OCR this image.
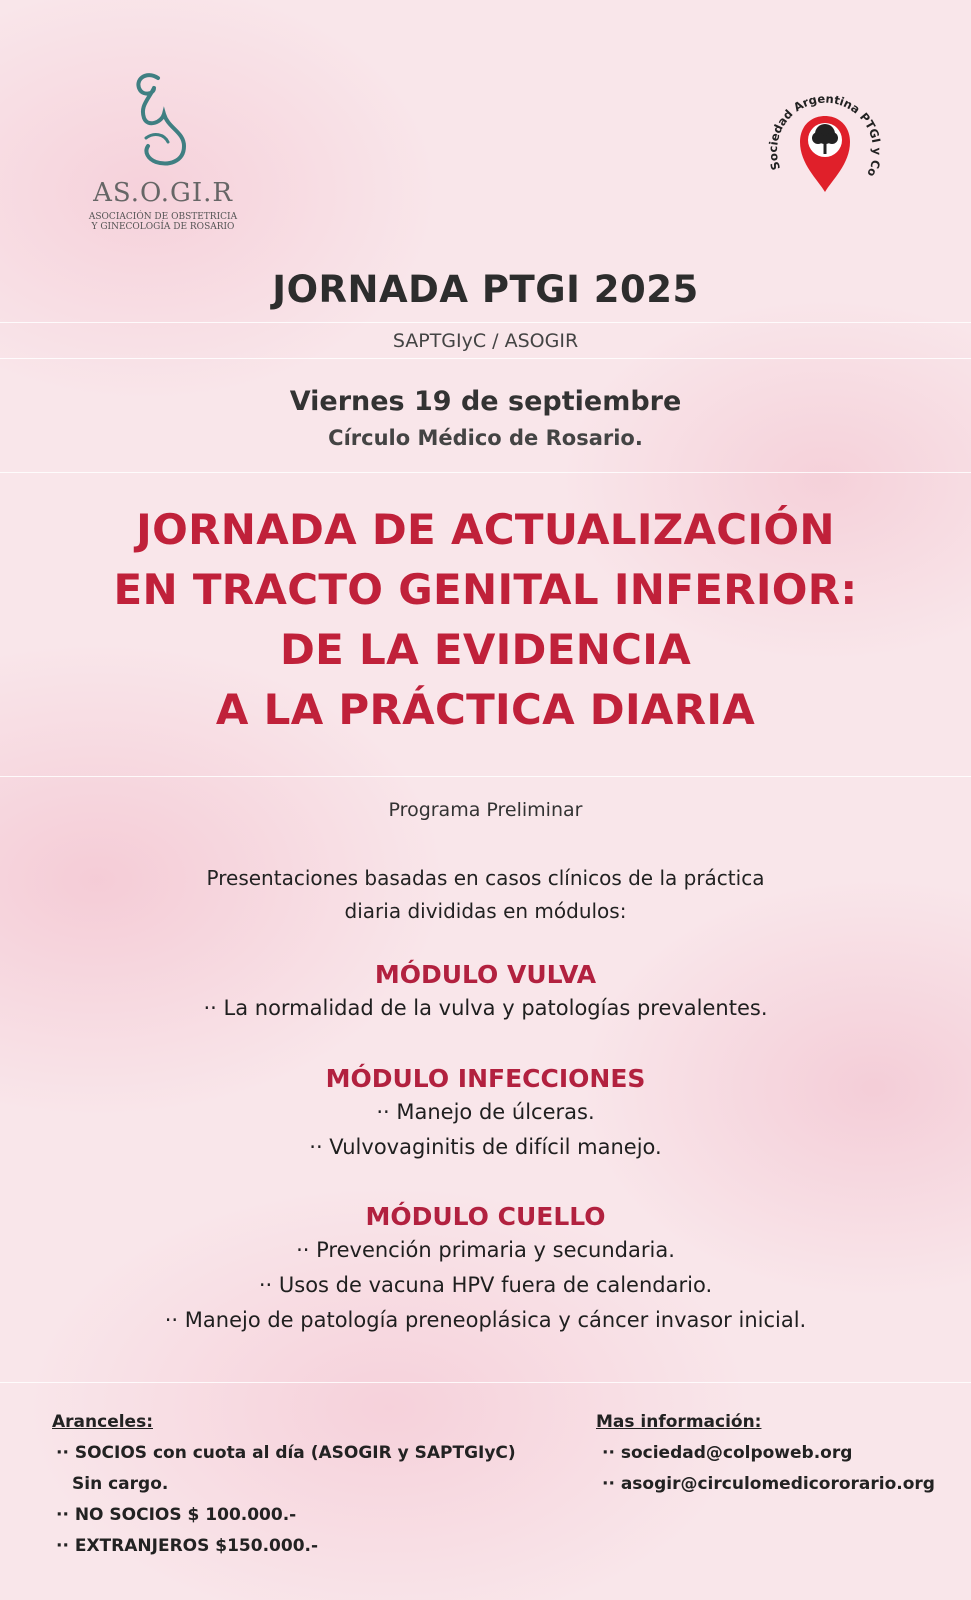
AS.O.GI.R
ASOCIACIÓN DE OBSTETRICIA
Y GINECOLOGÍA DE ROSARIO
Sociedad Argentina PTGI y Co
JORNADA PTGI 2025
SAPTGIyC / ASOGIR
Viernes 19 de septiembre
Círculo Médico de Rosario.
JORNADA DE ACTUALIZACIÓN
EN TRACTO GENITAL INFERIOR:
DE LA EVIDENCIA
A LA PRÁCTICA DIARIA
Programa Preliminar
Presentaciones basadas en casos clínicos de la práctica
diaria divididas en módulos:
MÓDULO VULVA
·· La normalidad de la vulva y patologías prevalentes.
MÓDULO INFECCIONES
·· Manejo de úlceras.
·· Vulvovaginitis de difícil manejo.
MÓDULO CUELLO
·· Prevención primaria y secundaria.
·· Usos de vacuna HPV fuera de calendario.
·· Manejo de patología preneoplásica y cáncer invasor inicial.
Aranceles:
·· SOCIOS con cuota al día (ASOGIR y SAPTGIyC)
Sin cargo.
·· NO SOCIOS $ 100.000.-
·· EXTRANJEROS $150.000.-
Mas información:
·· sociedad@colpoweb.org
·· asogir@circulomedicororario.org
